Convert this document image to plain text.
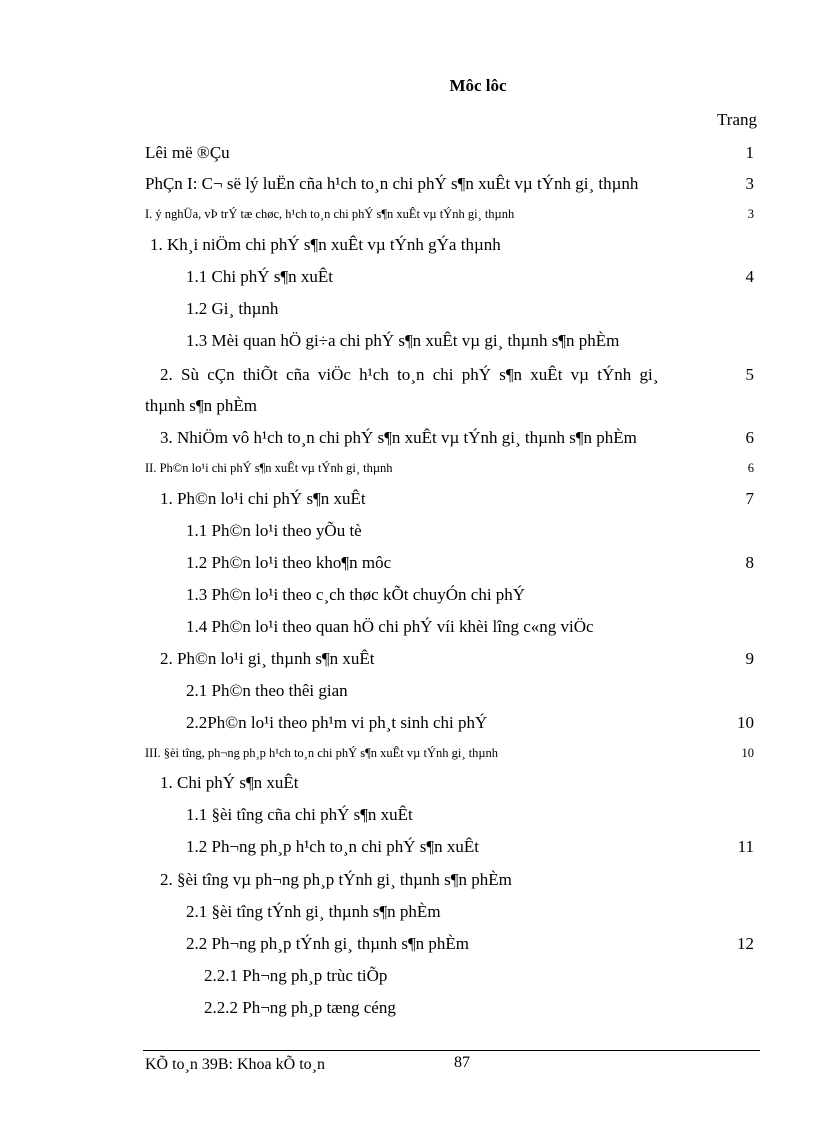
Môc lôc
Trang
Lêi më ®Çu	1
PhÇn I: C¬ së lý luËn cña h¹ch to¸n chi phÝ s¶n xuÊt vµ tÝnh gi¸ thµnh	3
I. ý nghÜa, vÞ trÝ tæ chøc, h¹ch to¸n chi phÝ s¶n xuÊt vµ tÝnh gi¸ thµnh	3
1. Kh¸i niÖm chi phÝ s¶n xuÊt vµ tÝnh gÝa thµnh
1.1 Chi phÝ s¶n xuÊt	4
1.2 Gi¸ thµnh
1.3 Mèi quan hÖ gi÷a chi phÝ s¶n xuÊt vµ gi¸ thµnh s¶n phÈm
2. Sù cÇn thiÕt cña viÖc h¹ch to¸n chi phÝ s¶n xuÊt vµ tÝnh gi¸	5
thµnh s¶n phÈm
3. NhiÖm vô h¹ch to¸n chi phÝ s¶n xuÊt vµ tÝnh gi¸ thµnh s¶n phÈm	6
II. Ph©n lo¹i chi phÝ s¶n xuÊt vµ tÝnh gi¸ thµnh	6
1. Ph©n lo¹i chi phÝ s¶n xuÊt	7
1.1 Ph©n lo¹i theo yÕu tè
1.2 Ph©n lo¹i theo kho¶n môc	8
1.3 Ph©n lo¹i theo c¸ch thøc kÕt chuyÓn chi phÝ
1.4 Ph©n lo¹i theo quan hÖ chi phÝ víi khèi lîng c«ng viÖc
2. Ph©n lo¹i gi¸ thµnh s¶n xuÊt	9
2.1 Ph©n theo thêi gian
2.2Ph©n lo¹i theo ph¹m vi ph¸t sinh chi phÝ	10
III. §èi tîng, ph¬ng ph¸p h¹ch to¸n chi phÝ s¶n xuÊt vµ tÝnh gi¸ thµnh	10
1. Chi phÝ s¶n xuÊt
1.1 §èi tîng cña chi phÝ s¶n xuÊt
1.2 Ph¬ng ph¸p h¹ch to¸n chi phÝ s¶n xuÊt	11
2. §èi tîng vµ ph¬ng ph¸p tÝnh gi¸ thµnh s¶n phÈm
2.1 §èi tîng tÝnh gi¸ thµnh s¶n phÈm
2.2 Ph¬ng ph¸p tÝnh gi¸ thµnh s¶n phÈm	12
2.2.1 Ph¬ng ph¸p trùc tiÕp
2.2.2 Ph¬ng ph¸p tæng céng
KÕ to¸n 39B: Khoa kÕ to¸n	87
